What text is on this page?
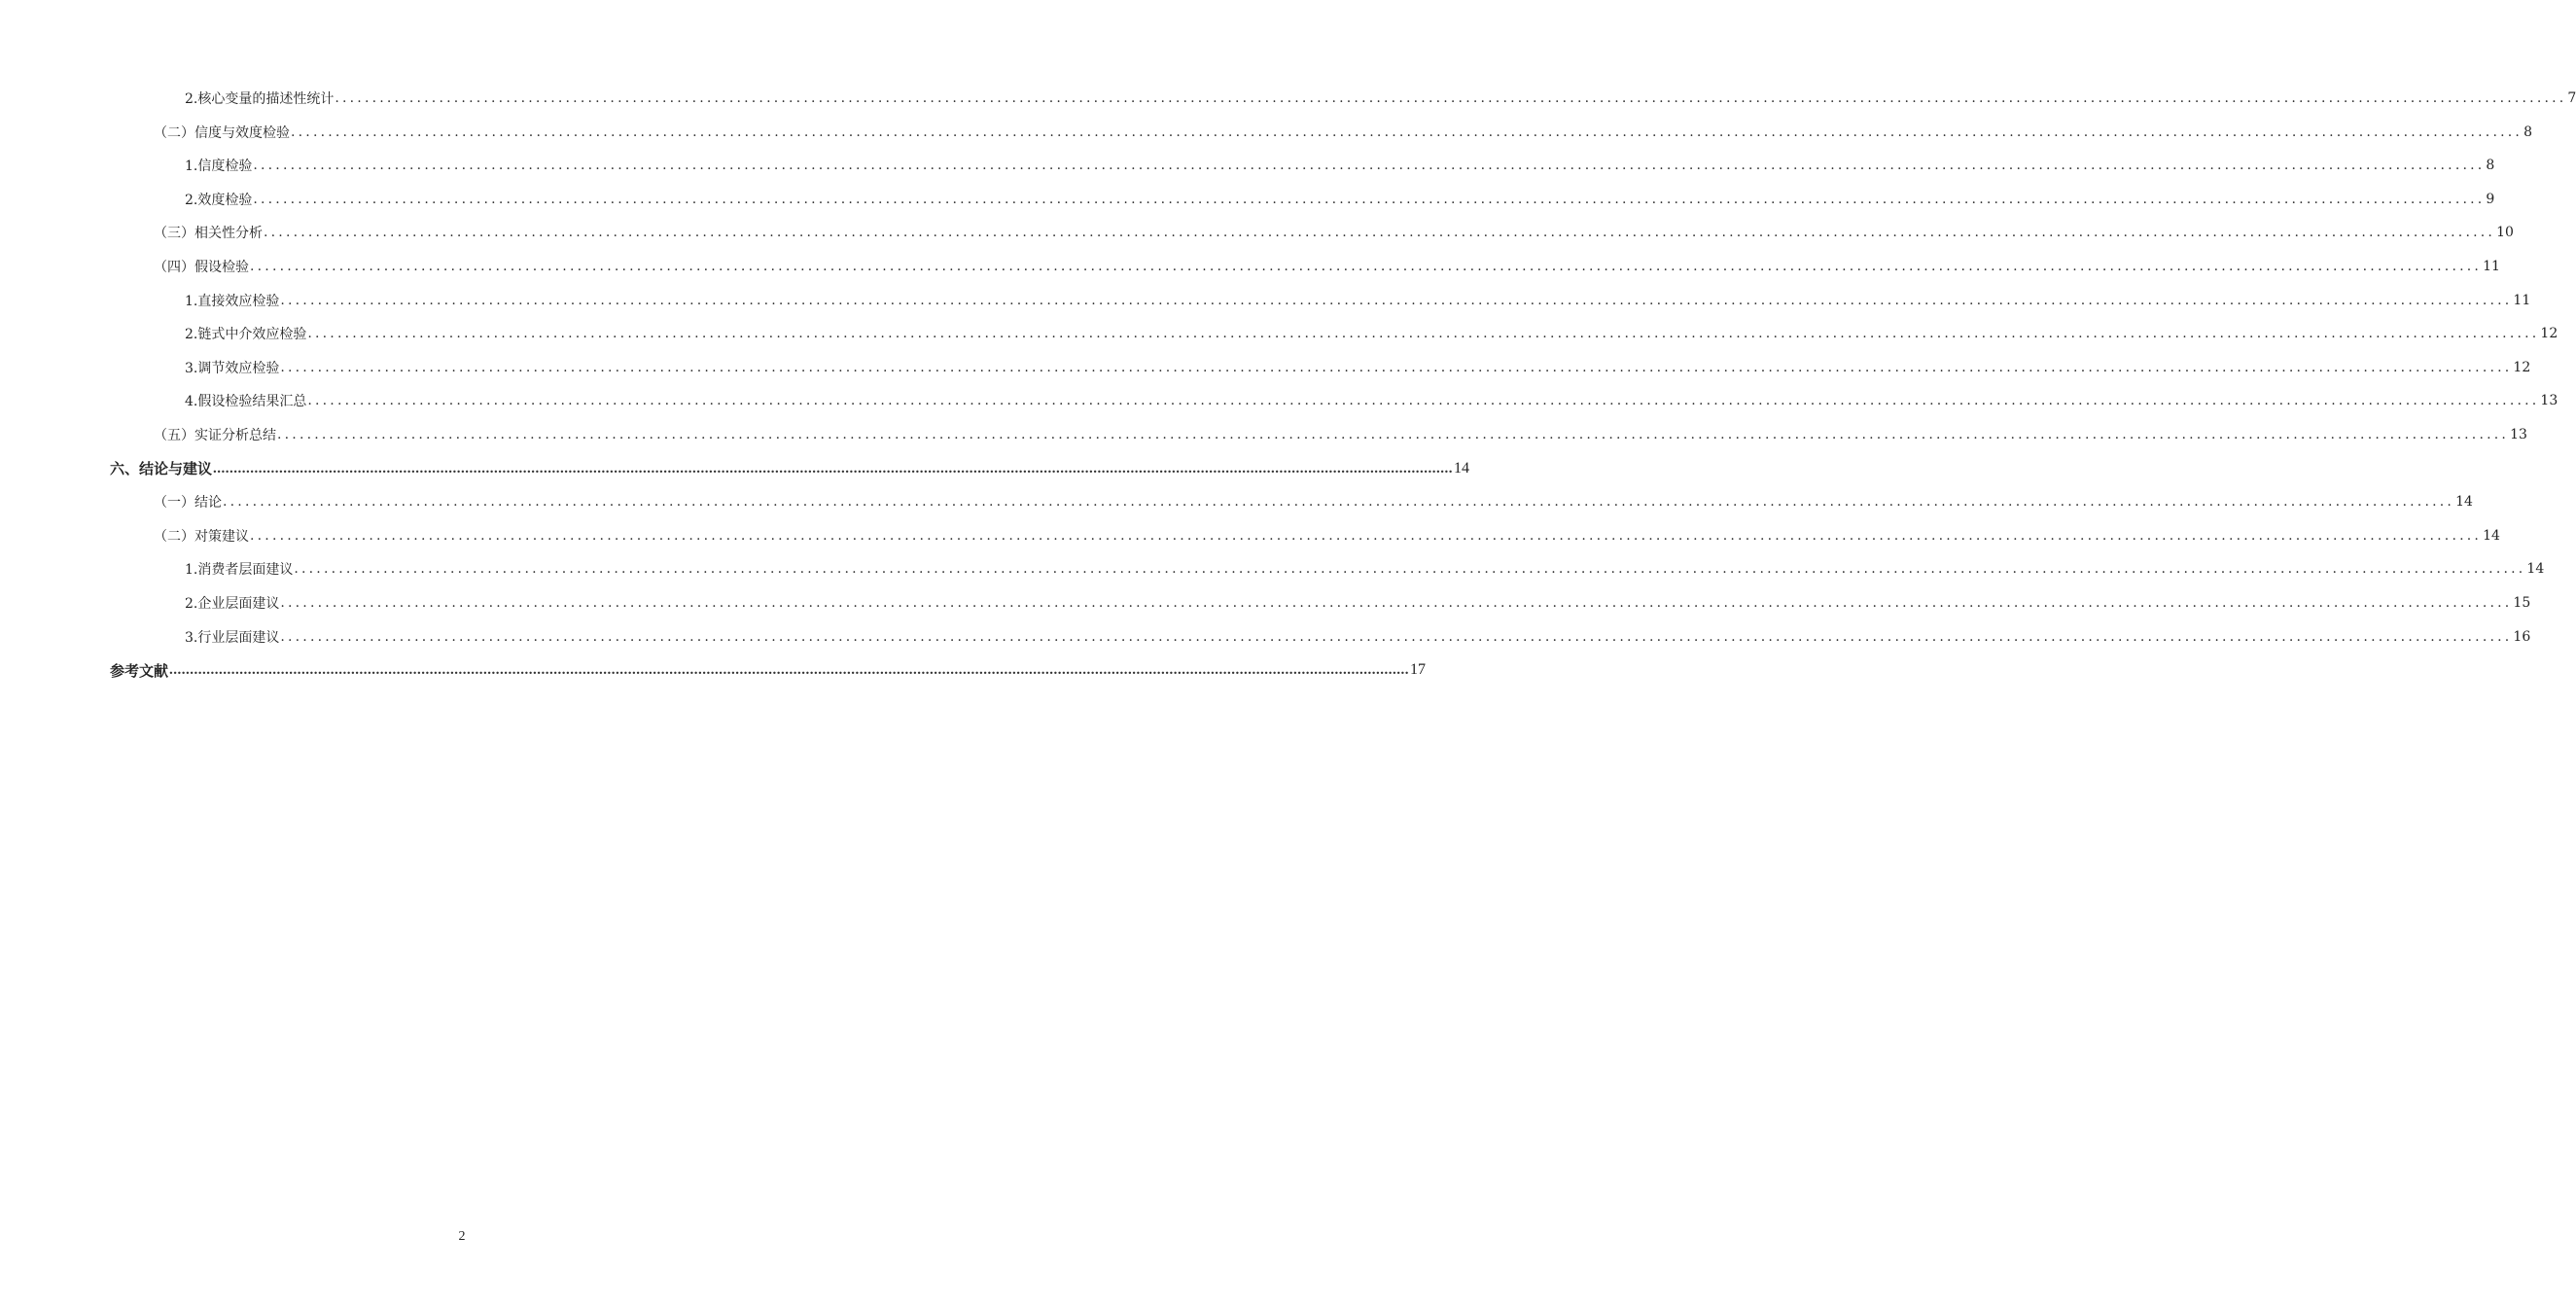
2.核心变量的描述性统计 ............................................................................................................................................................................................................................................................................................................ 7
（二）信度与效度检验 ............................................................................................................................................................................................................................................................................................................ 8
1.信度检验 ............................................................................................................................................................................................................................................................................................................ 8
2.效度检验 ............................................................................................................................................................................................................................................................................................................ 9
（三）相关性分析 ............................................................................................................................................................................................................................................................................................................ 10
（四）假设检验 ............................................................................................................................................................................................................................................................................................................ 11
1.直接效应检验 ............................................................................................................................................................................................................................................................................................................ 11
2.链式中介效应检验 ............................................................................................................................................................................................................................................................................................................ 12
3.调节效应检验 ............................................................................................................................................................................................................................................................................................................ 12
4.假设检验结果汇总 ............................................................................................................................................................................................................................................................................................................ 13
（五）实证分析总结 ............................................................................................................................................................................................................................................................................................................ 13
六、结论与建议 ............................................................................................................................................................................................................................................................................................................ 14
（一）结论 ............................................................................................................................................................................................................................................................................................................ 14
（二）对策建议 ............................................................................................................................................................................................................................................................................................................ 14
1.消费者层面建议 ............................................................................................................................................................................................................................................................................................................ 14
2.企业层面建议 ............................................................................................................................................................................................................................................................................................................ 15
3.行业层面建议 ............................................................................................................................................................................................................................................................................................................ 16
参考文献 ............................................................................................................................................................................................................................................................................................................ 17
2
